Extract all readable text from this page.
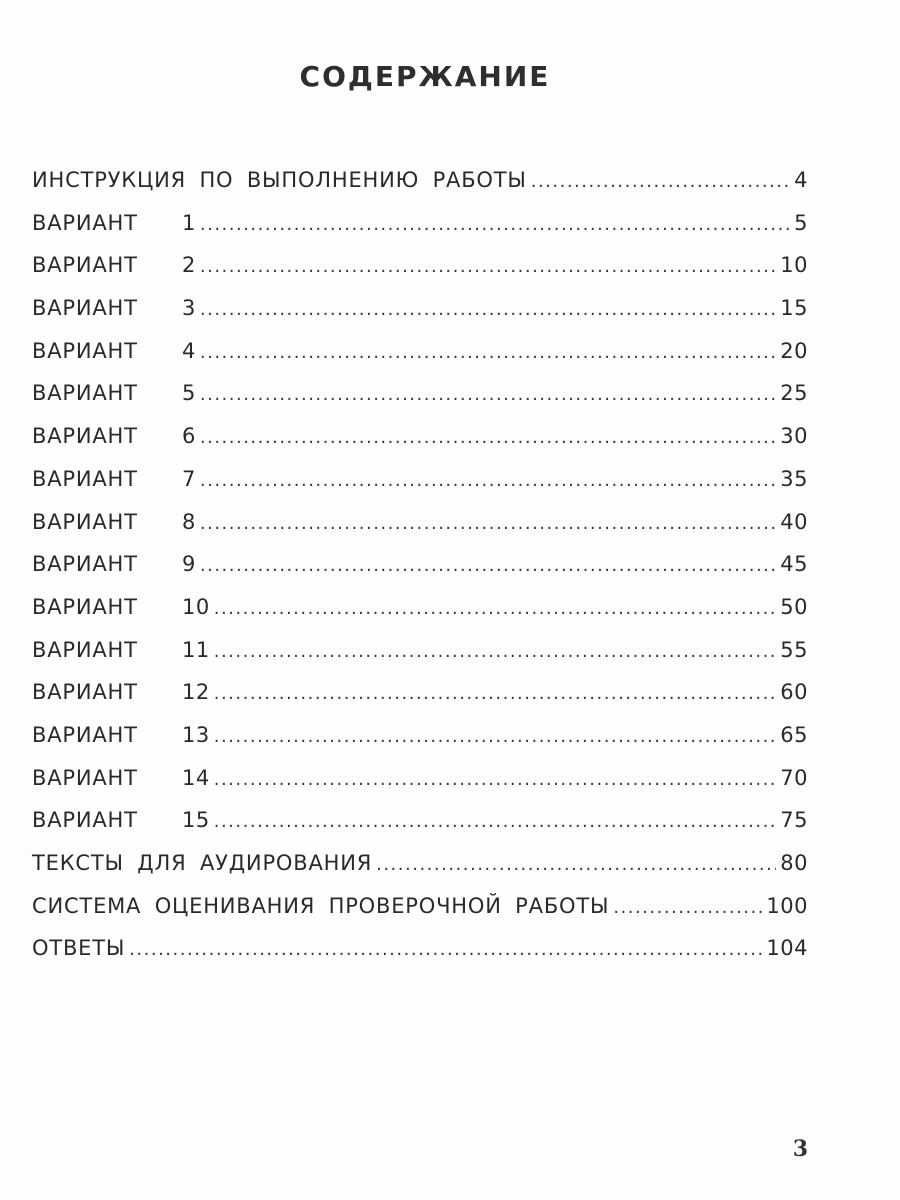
СОДЕРЖАНИЕ
ИНСТРУКЦИЯ ПО ВЫПОЛНЕНИЮ РАБОТЫ .....	4
ВАРИАНТ 1 .....	5
ВАРИАНТ 2 .....	10
ВАРИАНТ 3 .....	15
ВАРИАНТ 4 .....	20
ВАРИАНТ 5 .....	25
ВАРИАНТ 6 .....	30
ВАРИАНТ 7 .....	35
ВАРИАНТ 8 .....	40
ВАРИАНТ 9 .....	45
ВАРИАНТ 10 .....	50
ВАРИАНТ 11 .....	55
ВАРИАНТ 12 .....	60
ВАРИАНТ 13 .....	65
ВАРИАНТ 14 .....	70
ВАРИАНТ 15 .....	75
ТЕКСТЫ ДЛЯ АУДИРОВАНИЯ .....	80
СИСТЕМА ОЦЕНИВАНИЯ ПРОВЕРОЧНОЙ РАБОТЫ .....	100
ОТВЕТЫ .....	104
3
